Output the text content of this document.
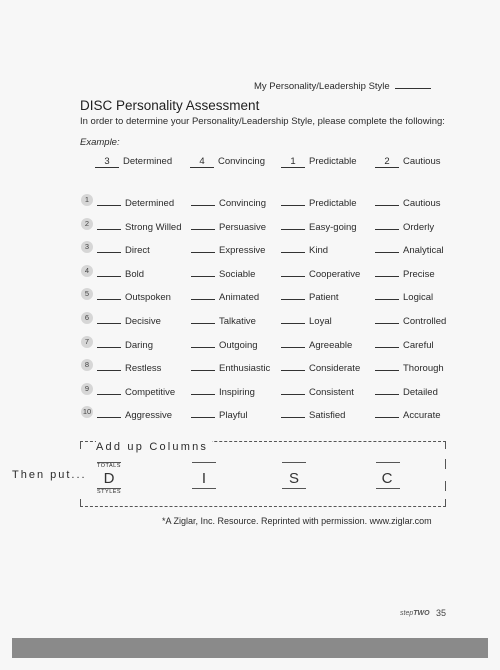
My Personality/Leadership Style
DISC Personality Assessment
In order to determine your Personality/Leadership Style, please complete the following:
Example:
3 Determined	4 Convincing	1 Predictable	2 Cautious
1	Determined	Convincing	Predictable	Cautious
2	Strong Willed	Persuasive	Easy-going	Orderly
3	Direct	Expressive	Kind	Analytical
4	Bold	Sociable	Cooperative	Precise
5	Outspoken	Animated	Patient	Logical
6	Decisive	Talkative	Loyal	Controlled
7	Daring	Outgoing	Agreeable	Careful
8	Restless	Enthusiastic	Considerate	Thorough
9	Competitive	Inspiring	Consistent	Detailed
10	Aggressive	Playful	Satisfied	Accurate
Add up Columns
Then put...
TOTALS
STYLES
D	I	S	C
*A Ziglar, Inc. Resource. Reprinted with permission. www.ziglar.com
stepTWO 35
